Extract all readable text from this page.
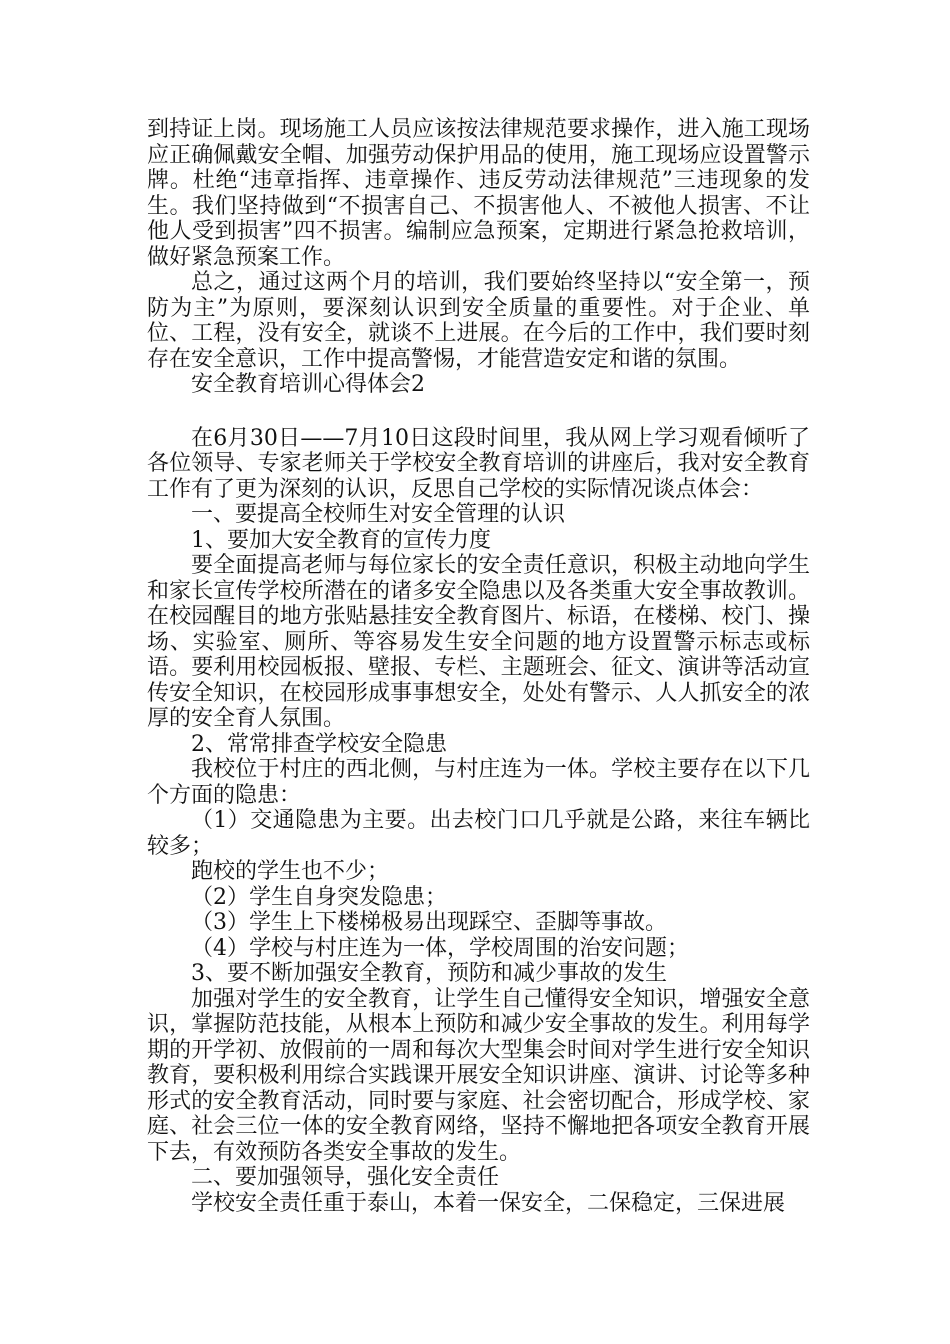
到持证上岗。现场施工人员应该按法律规范要求操作，进入施工现场应正确佩戴安全帽、加强劳动保护用品的使用，施工现场应设置警示牌。杜绝“违章指挥、违章操作、违反劳动法律规范”三违现象的发生。我们坚持做到“不损害自己、不损害他人、不被他人损害、不让他人受到损害”四不损害。编制应急预案，定期进行紧急抢救培训，做好紧急预案工作。

总之，通过这两个月的培训，我们要始终坚持以“安全第一，预防为主”为原则，要深刻认识到安全质量的重要性。对于企业、单位、工程，没有安全，就谈不上进展。在今后的工作中，我们要时刻存在安全意识，工作中提高警惕，才能营造安定和谐的氛围。

安全教育培训心得体会2

在6月30日——7月10日这段时间里，我从网上学习观看倾听了各位领导、专家老师关于学校安全教育培训的讲座后，我对安全教育工作有了更为深刻的认识，反思自己学校的实际情况谈点体会：

一、要提高全校师生对安全管理的认识

1、要加大安全教育的宣传力度

要全面提高老师与每位家长的安全责任意识，积极主动地向学生和家长宣传学校所潜在的诸多安全隐患以及各类重大安全事故教训。在校园醒目的地方张贴悬挂安全教育图片、标语，在楼梯、校门、操场、实验室、厕所、等容易发生安全问题的地方设置警示标志或标语。要利用校园板报、壁报、专栏、主题班会、征文、演讲等活动宣传安全知识，在校园形成事事想安全，处处有警示、人人抓安全的浓厚的安全育人氛围。

2、常常排查学校安全隐患

我校位于村庄的西北侧，与村庄连为一体。学校主要存在以下几个方面的隐患：

（1）交通隐患为主要。出去校门口几乎就是公路，来往车辆比较多；

跑校的学生也不少；

（2）学生自身突发隐患；

（3）学生上下楼梯极易出现踩空、歪脚等事故。

（4）学校与村庄连为一体，学校周围的治安问题；

3、要不断加强安全教育，预防和减少事故的发生

加强对学生的安全教育，让学生自己懂得安全知识，增强安全意识，掌握防范技能，从根本上预防和减少安全事故的发生。利用每学期的开学初、放假前的一周和每次大型集会时间对学生进行安全知识教育，要积极利用综合实践课开展安全知识讲座、演讲、讨论等多种形式的安全教育活动，同时要与家庭、社会密切配合，形成学校、家庭、社会三位一体的安全教育网络，坚持不懈地把各项安全教育开展下去，有效预防各类安全事故的发生。

二、要加强领导，强化安全责任

学校安全责任重于泰山，本着一保安全，二保稳定，三保进展
